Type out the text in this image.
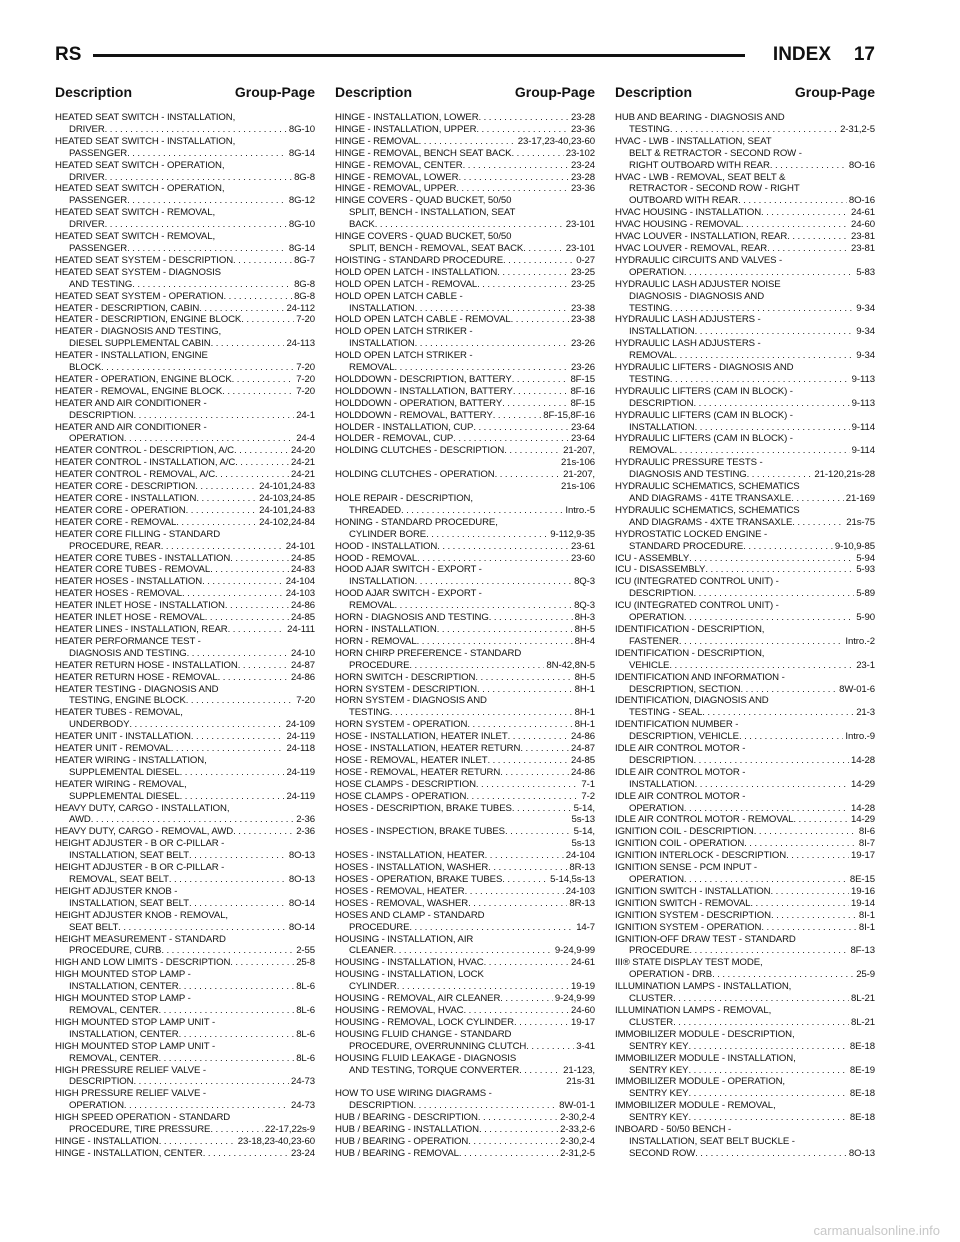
RS	INDEX 17
Description	Group-Page Description	Group-Page Description	Group-Page
HEATED SEAT SWITCH - INSTALLATION,
DRIVER . . .	8G-10
HEATED SEAT SWITCH - INSTALLATION,
PASSENGER . . .	8G-14
HEATED SEAT SWITCH - OPERATION,
DRIVER . . .	8G-8
HEATED SEAT SWITCH - OPERATION,
PASSENGER . . .	8G-12
HEATED SEAT SWITCH - REMOVAL,
DRIVER . . .	8G-10
HEATED SEAT SWITCH - REMOVAL,
PASSENGER . . .	8G-14
HEATED SEAT SYSTEM - DESCRIPTION . . .	8G-7
HEATED SEAT SYSTEM - DIAGNOSIS
AND TESTING . . .	8G-8
HEATED SEAT SYSTEM - OPERATION . . .	8G-8
HEATER - DESCRIPTION, CABIN . . .	24-112
HEATER - DESCRIPTION, ENGINE BLOCK . . .	7-20
HEATER - DIAGNOSIS AND TESTING,
DIESEL SUPPLEMENTAL CABIN . . .	24-113
HEATER - INSTALLATION, ENGINE
BLOCK . . .	7-20
HEATER - OPERATION, ENGINE BLOCK . . .	7-20
HEATER - REMOVAL, ENGINE BLOCK . . .	7-20
HEATER AND AIR CONDITIONER -
DESCRIPTION . . .	24-1
HEATER AND AIR CONDITIONER -
OPERATION . . .	24-4
HEATER CONTROL - DESCRIPTION, A/C . . .	24-20
HEATER CONTROL - INSTALLATION, A/C . . .	24-21
HEATER CONTROL - REMOVAL, A/C . . .	24-21
HEATER CORE - DESCRIPTION . . .	24-101,24-83
HEATER CORE - INSTALLATION . . .	24-103,24-85
HEATER CORE - OPERATION . . .	24-101,24-83
HEATER CORE - REMOVAL . . .	24-102,24-84
HEATER CORE FILLING - STANDARD
PROCEDURE, REAR . . .	24-101
HEATER CORE TUBES - INSTALLATION . . .	24-85
HEATER CORE TUBES - REMOVAL . . .	24-83
HEATER HOSES - INSTALLATION . . .	24-104
HEATER HOSES - REMOVAL . . .	24-103
HEATER INLET HOSE - INSTALLATION . . .	24-86
HEATER INLET HOSE - REMOVAL . . .	24-85
HEATER LINES - INSTALLATION, REAR . . .	24-111
HEATER PERFORMANCE TEST -
DIAGNOSIS AND TESTING . . .	24-10
HEATER RETURN HOSE - INSTALLATION . . .	24-87
HEATER RETURN HOSE - REMOVAL . . .	24-86
HEATER TESTING - DIAGNOSIS AND
TESTING, ENGINE BLOCK . . .	7-20
HEATER TUBES - REMOVAL,
UNDERBODY . . .	24-109
HEATER UNIT - INSTALLATION . . .	24-119
HEATER UNIT - REMOVAL . . .	24-118
HEATER WIRING - INSTALLATION,
SUPPLEMENTAL DIESEL . . .	24-119
HEATER WIRING - REMOVAL,
SUPPLEMENTAL DIESEL . . .	24-119
HEAVY DUTY, CARGO - INSTALLATION,
AWD . . .	2-36
HEAVY DUTY, CARGO - REMOVAL, AWD . . .	2-36
HEIGHT ADJUSTER - B OR C-PILLAR -
INSTALLATION, SEAT BELT . . .	8O-13
HEIGHT ADJUSTER - B OR C-PILLAR -
REMOVAL, SEAT BELT . . .	8O-13
HEIGHT ADJUSTER KNOB -
INSTALLATION, SEAT BELT . . .	8O-14
HEIGHT ADJUSTER KNOB - REMOVAL,
SEAT BELT . . .	8O-14
HEIGHT MEASUREMENT - STANDARD
PROCEDURE, CURB . . .	2-55
HIGH AND LOW LIMITS - DESCRIPTION . . .	25-8
HIGH MOUNTED STOP LAMP -
INSTALLATION, CENTER . . .	8L-6
HIGH MOUNTED STOP LAMP -
REMOVAL, CENTER . . .	8L-6
HIGH MOUNTED STOP LAMP UNIT -
INSTALLATION, CENTER . . .	8L-6
HIGH MOUNTED STOP LAMP UNIT -
REMOVAL, CENTER . . .	8L-6
HIGH PRESSURE RELIEF VALVE -
DESCRIPTION . . .	24-73
HIGH PRESSURE RELIEF VALVE -
OPERATION . . .	24-73
HIGH SPEED OPERATION - STANDARD
PROCEDURE, TIRE PRESSURE . . .	22-17,22s-9
HINGE - INSTALLATION . . .	23-18,23-40,23-60
HINGE - INSTALLATION, CENTER . . .	23-24
HINGE - INSTALLATION, LOWER . . .	23-28
HINGE - INSTALLATION, UPPER . . .	23-36
HINGE - REMOVAL . . .	23-17,23-40,23-60
HINGE - REMOVAL, BENCH SEAT BACK . . .	23-102
HINGE - REMOVAL, CENTER . . .	23-24
HINGE - REMOVAL, LOWER . . .	23-28
HINGE - REMOVAL, UPPER . . .	23-36
HINGE COVERS - QUAD BUCKET, 50/50
SPLIT, BENCH - INSTALLATION, SEAT
BACK . . .	23-101
HINGE COVERS - QUAD BUCKET, 50/50
SPLIT, BENCH - REMOVAL, SEAT BACK . . .	23-101
HOISTING - STANDARD PROCEDURE . . .	0-27
HOLD OPEN LATCH - INSTALLATION . . .	23-25
HOLD OPEN LATCH - REMOVAL . . .	23-25
HOLD OPEN LATCH CABLE -
INSTALLATION . . .	23-38
HOLD OPEN LATCH CABLE - REMOVAL . . .	23-38
HOLD OPEN LATCH STRIKER -
INSTALLATION . . .	23-26
HOLD OPEN LATCH STRIKER -
REMOVAL . . .	23-26
HOLDDOWN - DESCRIPTION, BATTERY . . .	8F-15
HOLDDOWN - INSTALLATION, BATTERY . . .	8F-16
HOLDDOWN - OPERATION, BATTERY . . .	8F-15
HOLDDOWN - REMOVAL, BATTERY . . .	8F-15,8F-16
HOLDER - INSTALLATION, CUP . . .	23-64
HOLDER - REMOVAL, CUP . . .	23-64
HOLDING CLUTCHES - DESCRIPTION . . .	21-207,
21s-106
HOLDING CLUTCHES - OPERATION . . .	21-207,
21s-106
HOLE REPAIR - DESCRIPTION,
THREADED . . .	Intro.-5
HONING - STANDARD PROCEDURE,
CYLINDER BORE . . .	9-112,9-35
HOOD - INSTALLATION . . .	23-61
HOOD - REMOVAL . . .	23-60
HOOD AJAR SWITCH - EXPORT -
INSTALLATION . . .	8Q-3
HOOD AJAR SWITCH - EXPORT -
REMOVAL . . .	8Q-3
HORN - DIAGNOSIS AND TESTING . . .	8H-3
HORN - INSTALLATION . . .	8H-5
HORN - REMOVAL . . .	8H-4
HORN CHIRP PREFERENCE - STANDARD
PROCEDURE . . .	8N-42,8N-5
HORN SWITCH - DESCRIPTION . . .	8H-5
HORN SYSTEM - DESCRIPTION . . .	8H-1
HORN SYSTEM - DIAGNOSIS AND
TESTING . . .	8H-1
HORN SYSTEM - OPERATION . . .	8H-1
HOSE - INSTALLATION, HEATER INLET . . .	24-86
HOSE - INSTALLATION, HEATER RETURN . . .	24-87
HOSE - REMOVAL, HEATER INLET . . .	24-85
HOSE - REMOVAL, HEATER RETURN . . .	24-86
HOSE CLAMPS - DESCRIPTION . . .	7-1
HOSE CLAMPS - OPERATION . . .	7-2
HOSES - DESCRIPTION, BRAKE TUBES . . .	5-14,
5s-13
HOSES - INSPECTION, BRAKE TUBES . . .	5-14,
5s-13
HOSES - INSTALLATION, HEATER . . .	24-104
HOSES - INSTALLATION, WASHER . . .	8R-13
HOSES - OPERATION, BRAKE TUBES . . .	5-14,5s-13
HOSES - REMOVAL, HEATER . . .	24-103
HOSES - REMOVAL, WASHER . . .	8R-13
HOSES AND CLAMP - STANDARD
PROCEDURE . . .	14-7
HOUSING - INSTALLATION, AIR
CLEANER . . .	9-24,9-99
HOUSING - INSTALLATION, HVAC . . .	24-61
HOUSING - INSTALLATION, LOCK
CYLINDER . . .	19-19
HOUSING - REMOVAL, AIR CLEANER . . .	9-24,9-99
HOUSING - REMOVAL, HVAC . . .	24-60
HOUSING - REMOVAL, LOCK CYLINDER . . .	19-17
HOUSING FLUID CHANGE - STANDARD
PROCEDURE, OVERRUNNING CLUTCH . . .	3-41
HOUSING FLUID LEAKAGE - DIAGNOSIS
AND TESTING, TORQUE CONVERTER . . .	21-123,
21s-31
HOW TO USE WIRING DIAGRAMS -
DESCRIPTION . . .	8W-01-1
HUB / BEARING - DESCRIPTION . . .	2-30,2-4
HUB / BEARING - INSTALLATION . . .	2-33,2-6
HUB / BEARING - OPERATION . . .	2-30,2-4
HUB / BEARING - REMOVAL . . .	2-31,2-5
HUB AND BEARING - DIAGNOSIS AND
TESTING . . .	2-31,2-5
HVAC - LWB - INSTALLATION, SEAT
BELT & RETRACTOR - SECOND ROW -
RIGHT OUTBOARD WITH REAR . . .	8O-16
HVAC - LWB - REMOVAL, SEAT BELT &
RETRACTOR - SECOND ROW - RIGHT
OUTBOARD WITH REAR . . .	8O-16
HVAC HOUSING - INSTALLATION . . .	24-61
HVAC HOUSING - REMOVAL . . .	24-60
HVAC LOUVER - INSTALLATION, REAR . . .	23-81
HVAC LOUVER - REMOVAL, REAR . . .	23-81
HYDRAULIC CIRCUITS AND VALVES -
OPERATION . . .	5-83
HYDRAULIC LASH ADJUSTER NOISE
DIAGNOSIS - DIAGNOSIS AND
TESTING . . .	9-34
HYDRAULIC LASH ADJUSTERS -
INSTALLATION . . .	9-34
HYDRAULIC LASH ADJUSTERS -
REMOVAL . . .	9-34
HYDRAULIC LIFTERS - DIAGNOSIS AND
TESTING . . .	9-113
HYDRAULIC LIFTERS (CAM IN BLOCK) -
DESCRIPTION . . .	9-113
HYDRAULIC LIFTERS (CAM IN BLOCK) -
INSTALLATION . . .	9-114
HYDRAULIC LIFTERS (CAM IN BLOCK) -
REMOVAL . . .	9-114
HYDRAULIC PRESSURE TESTS -
DIAGNOSIS AND TESTING . . .	21-120,21s-28
HYDRAULIC SCHEMATICS, SCHEMATICS
AND DIAGRAMS - 41TE TRANSAXLE . . .	21-169
HYDRAULIC SCHEMATICS, SCHEMATICS
AND DIAGRAMS - 4XTE TRANSAXLE . . .	21s-75
HYDROSTATIC LOCKED ENGINE -
STANDARD PROCEDURE . . .	9-10,9-85
ICU - ASSEMBLY . . .	5-94
ICU - DISASSEMBLY . . .	5-93
ICU (INTEGRATED CONTROL UNIT) -
DESCRIPTION . . .	5-89
ICU (INTEGRATED CONTROL UNIT) -
OPERATION . . .	5-90
IDENTIFICATION - DESCRIPTION,
FASTENER . . .	Intro.-2
IDENTIFICATION - DESCRIPTION,
VEHICLE . . .	23-1
IDENTIFICATION AND INFORMATION -
DESCRIPTION, SECTION . . .	8W-01-6
IDENTIFICATION, DIAGNOSIS AND
TESTING - SEAL . . .	21-3
IDENTIFICATION NUMBER -
DESCRIPTION, VEHICLE . . .	Intro.-9
IDLE AIR CONTROL MOTOR -
DESCRIPTION . . .	14-28
IDLE AIR CONTROL MOTOR -
INSTALLATION . . .	14-29
IDLE AIR CONTROL MOTOR -
OPERATION . . .	14-28
IDLE AIR CONTROL MOTOR - REMOVAL . . .	14-29
IGNITION COIL - DESCRIPTION . . .	8I-6
IGNITION COIL - OPERATION . . .	8I-7
IGNITION INTERLOCK - DESCRIPTION . . .	19-17
IGNITION SENSE - PCM INPUT -
OPERATION . . .	8E-15
IGNITION SWITCH - INSTALLATION . . .	19-16
IGNITION SWITCH - REMOVAL . . .	19-14
IGNITION SYSTEM - DESCRIPTION . . .	8I-1
IGNITION SYSTEM - OPERATION . . .	8I-1
IGNITION-OFF DRAW TEST - STANDARD
PROCEDURE . . .	8F-13
III® STATE DISPLAY TEST MODE,
OPERATION - DRB . . .	25-9
ILLUMINATION LAMPS - INSTALLATION,
CLUSTER . . .	8L-21
ILLUMINATION LAMPS - REMOVAL,
CLUSTER . . .	8L-21
IMMOBILIZER MODULE - DESCRIPTION,
SENTRY KEY . . .	8E-18
IMMOBILIZER MODULE - INSTALLATION,
SENTRY KEY . . .	8E-19
IMMOBILIZER MODULE - OPERATION,
SENTRY KEY . . .	8E-18
IMMOBILIZER MODULE - REMOVAL,
SENTRY KEY . . .	8E-18
INBOARD - 50/50 BENCH -
INSTALLATION, SEAT BELT BUCKLE -
SECOND ROW . . .	8O-13
carmanualsonline.info
